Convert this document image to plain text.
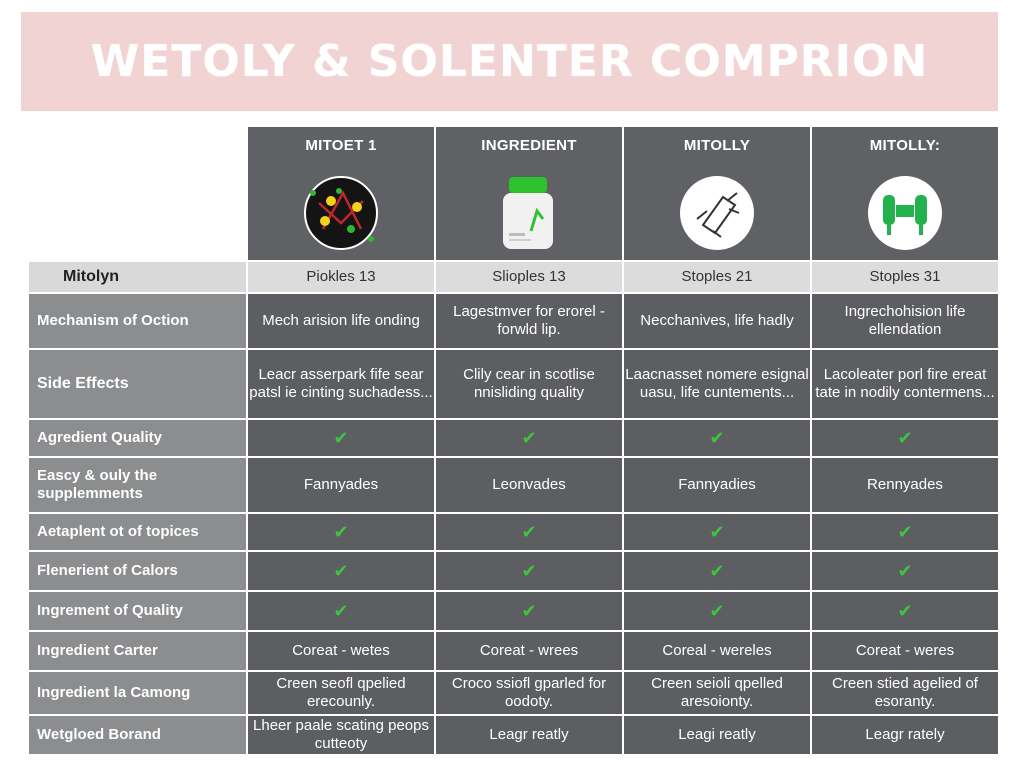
WETOLY & SOLENTER COMPRION

	MITOET 1	INGREDIENT	MITOLLY	MITOLLY:

Mitolyn	Piokles 13	Slioples 13	Stoples 21	Stoples 31
Mechanism of Oction	Mech arision life onding	Lagestmver for erorel - forwld lip.	Necchanives, life hadly	Ingrechohision life ellendation
Side Effects	Leacr asserpark fife sear patsl ie cinting suchadess...	Clily cear in scotlise nnisliding quality	Laacnasset nomere esignal uasu, life cuntements...	Lacoleater porl fire ereat tate in nodily contermens...
Agredient Quality	✔	✔	✔	✔
Eascy & ouly the supplemments	Fannyades	Leonvades	Fannyadies	Rennyades
Aetaplent ot of topices	✔	✔	✔	✔
Flenerient of Calors	✔	✔	✔	✔
Ingrement of Quality	✔	✔	✔	✔
Ingredient Carter	Coreat - wetes	Coreat - wrees	Coreal - wereles	Coreat - weres
Ingredient la Camong	Creen seofl qpelied erecounly.	Croco ssiofl gparled for oodoty.	Creen seioli qpelled aresoionty.	Creen stied agelied of esoranty.
Wetgloed Borand	Lheer paale scating peops cutteoty	Leagr reatly	Leagi reatly	Leagr rately
